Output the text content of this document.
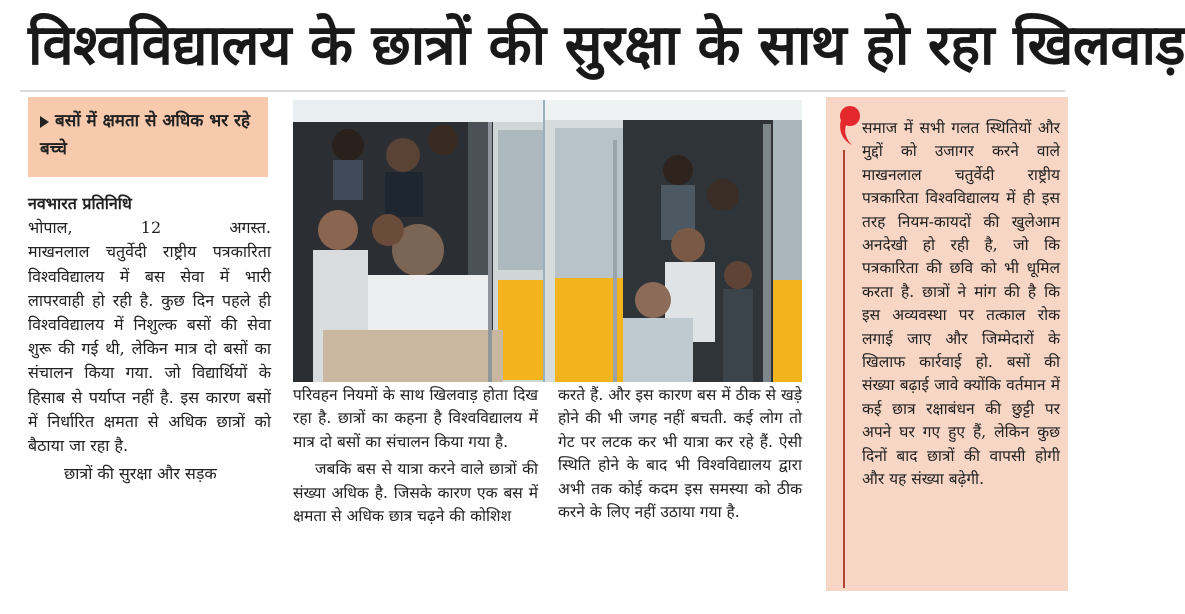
विश्वविद्यालय के छात्रों की सुरक्षा के साथ हो रहा खिलवाड़
बसों में क्षमता से अधिक भर रहे बच्चे
नवभारत प्रतिनिधि
भोपाल,	12	अगस्त.

माखनलाल चतुर्वेदी राष्ट्रीय पत्रकारिता विश्वविद्यालय में बस सेवा में भारी लापरवाही हो रही है. कुछ दिन पहले ही विश्वविद्यालय में निशुल्क बसों की सेवा शुरू की गई थी, लेकिन मात्र दो बसों का संचालन किया गया. जो विद्यार्थियों के हिसाब से पर्याप्त नहीं है. इस कारण बसों में निर्धारित क्षमता से अधिक छात्रों को बैठाया जा रहा है.

छात्रों की सुरक्षा और सड़क

परिवहन नियमों के साथ खिलवाड़ होता दिख रहा है. छात्रों का कहना है विश्वविद्यालय में मात्र दो बसों का संचालन किया गया है.

जबकि बस से यात्रा करने वाले छात्रों की संख्या अधिक है. जिसके कारण एक बस में क्षमता से अधिक छात्र चढ़ने की कोशिश

करते हैं. और इस कारण बस में ठीक से खड़े होने की भी जगह नहीं बचती. कई लोग तो गेट पर लटक कर भी यात्रा कर रहे हैं. ऐसी स्थिति होने के बाद भी विश्वविद्यालय द्वारा अभी तक कोई कदम इस समस्या को ठीक करने के लिए नहीं उठाया गया है.

समाज में सभी गलत स्थितियों और मुद्दों को उजागर करने वाले माखनलाल चतुर्वेदी राष्ट्रीय पत्रकारिता विश्वविद्यालय में ही इस तरह नियम-कायदों की खुलेआम अनदेखी हो रही है, जो कि पत्रकारिता की छवि को भी धूमिल करता है. छात्रों ने मांग की है कि इस अव्यवस्था पर तत्काल रोक लगाई जाए और जिम्मेदारों के खिलाफ कार्रवाई हो. बसों की संख्या बढ़ाई जावे क्योंकि वर्तमान में कई छात्र रक्षाबंधन की छुट्टी पर अपने घर गए हुए हैं, लेकिन कुछ दिनों बाद छात्रों की वापसी होगी और यह संख्या बढ़ेगी.
